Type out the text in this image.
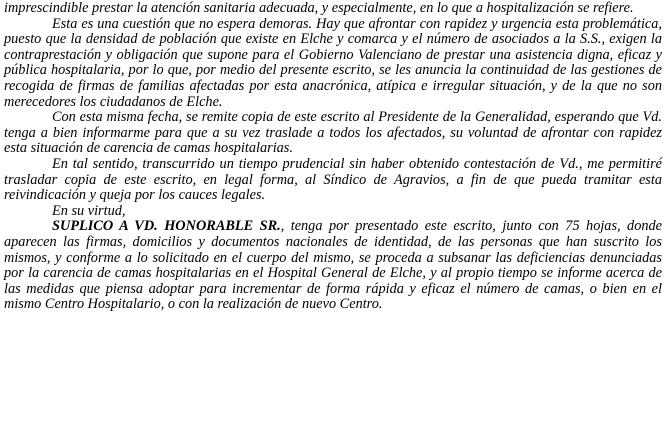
imprescindible prestar la atención sanitaria adecuada, y especialmente, en lo que a hospitalización se refiere.

Esta es una cuestión que no espera demoras. Hay que afrontar con rapidez y urgencia esta problemática, puesto que la densidad de población que existe en Elche y comarca y el número de asociados a la S.S., exigen la contraprestación y obligación que supone para el Gobierno Valenciano de prestar una asistencia digna, eficaz y pública hospitalaria, por lo que, por medio del presente escrito, se les anuncia la continuidad de las gestiones de recogida de firmas de familias afectadas por esta anacrónica, atípica e irregular situación, y de la que no son merecedores los ciudadanos de Elche.

Con esta misma fecha, se remite copia de este escrito al Presidente de la Generalidad, esperando que Vd. tenga a bien informarme para que a su vez traslade a todos los afectados, su voluntad de afrontar con rapidez esta situación de carencia de camas hospitalarias.

En tal sentido, transcurrido un tiempo prudencial sin haber obtenido contestación de Vd., me permitiré trasladar copia de este escrito, en legal forma, al Síndico de Agravios, a fin de que pueda tramitar esta reivindicación y queja por los cauces legales.

En su virtud,

SUPLICO A VD. HONORABLE SR., tenga por presentado este escrito, junto con 75 hojas, donde aparecen las firmas, domicilios y documentos nacionales de identidad, de las personas que han suscrito los mismos, y conforme a lo solicitado en el cuerpo del mismo, se proceda a subsanar las deficiencias denunciadas por la carencia de camas hospitalarias en el Hospital General de Elche, y al propio tiempo se informe acerca de las medidas que piensa adoptar para incrementar de forma rápida y eficaz el número de camas, o bien en el mismo Centro Hospitalario, o con la realización de nuevo Centro.
